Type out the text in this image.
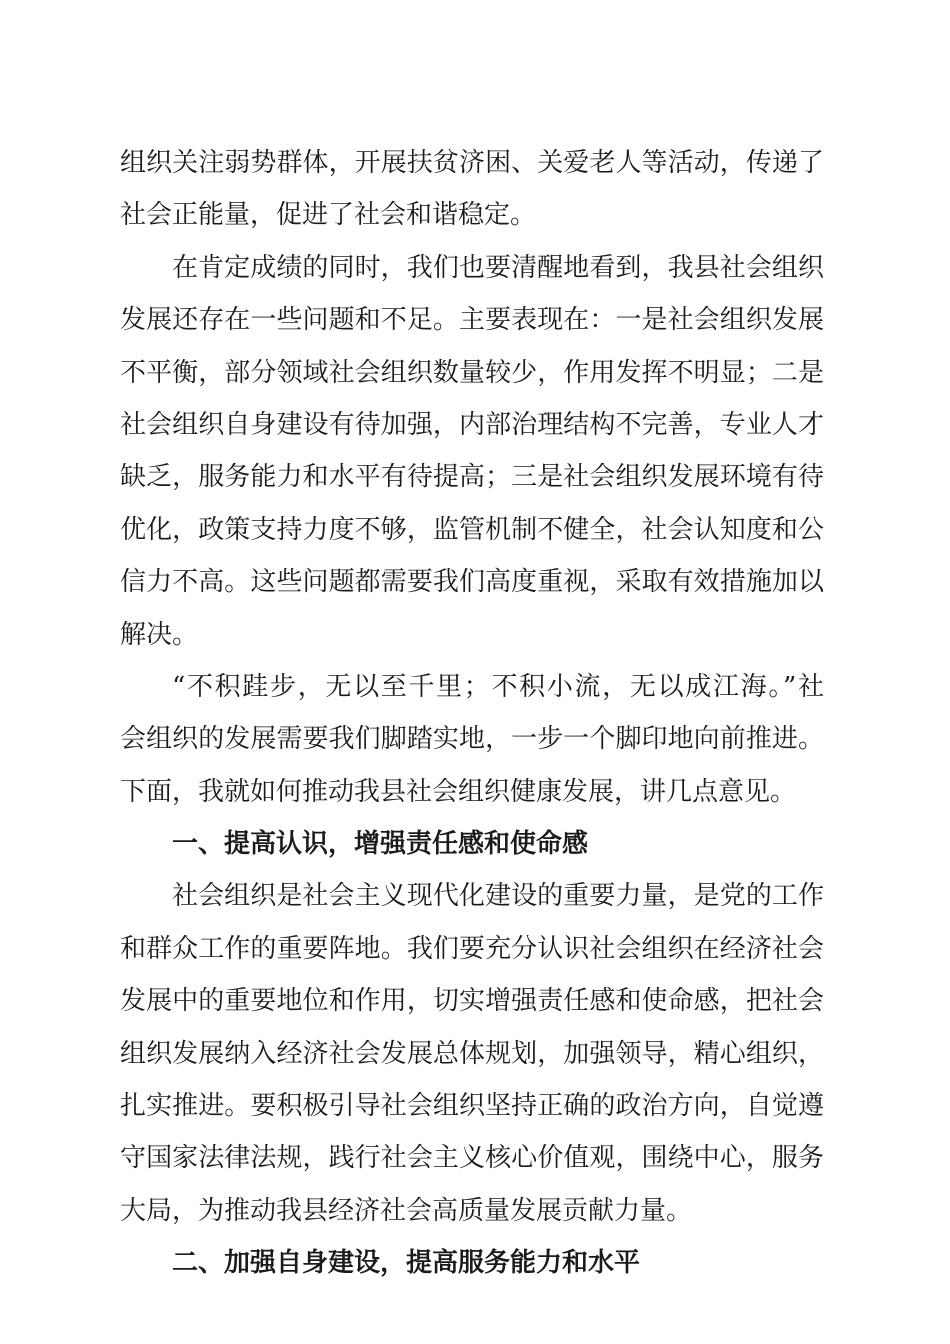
组织关注弱势群体，开展扶贫济困、关爱老人等活动，传递了
社会正能量，促进了社会和谐稳定。
在肯定成绩的同时，我们也要清醒地看到，我县社会组织
发展还存在一些问题和不足。主要表现在：一是社会组织发展
不平衡，部分领域社会组织数量较少，作用发挥不明显；二是
社会组织自身建设有待加强，内部治理结构不完善，专业人才
缺乏，服务能力和水平有待提高；三是社会组织发展环境有待
优化，政策支持力度不够，监管机制不健全，社会认知度和公
信力不高。这些问题都需要我们高度重视，采取有效措施加以
解决。
“不积跬步，无以至千里；不积小流，无以成江海。”社
会组织的发展需要我们脚踏实地，一步一个脚印地向前推进。
下面，我就如何推动我县社会组织健康发展，讲几点意见。
一、提高认识，增强责任感和使命感
社会组织是社会主义现代化建设的重要力量，是党的工作
和群众工作的重要阵地。我们要充分认识社会组织在经济社会
发展中的重要地位和作用，切实增强责任感和使命感，把社会
组织发展纳入经济社会发展总体规划，加强领导，精心组织，
扎实推进。要积极引导社会组织坚持正确的政治方向，自觉遵
守国家法律法规，践行社会主义核心价值观，围绕中心，服务
大局，为推动我县经济社会高质量发展贡献力量。
二、加强自身建设，提高服务能力和水平
